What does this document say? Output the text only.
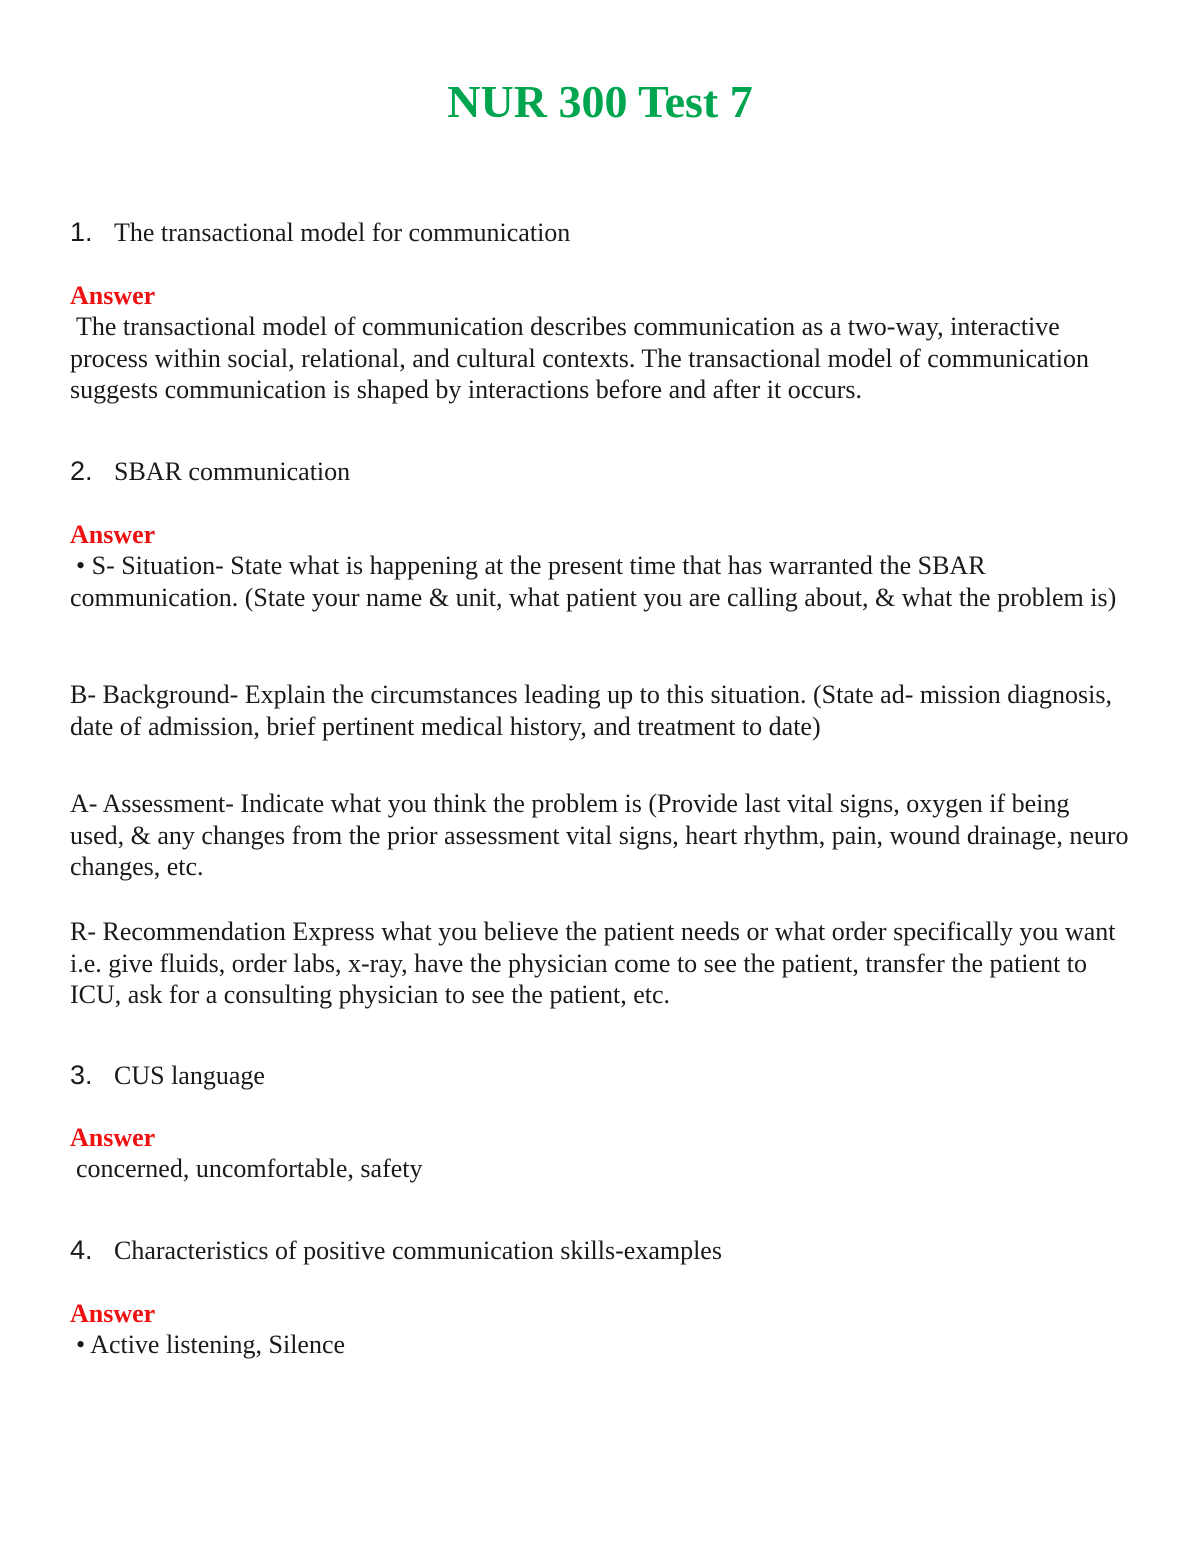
NUR 300 Test 7

1. The transactional model for communication

Answer

The transactional model of communication describes communication as a two-way, interactive process within social, relational, and cultural contexts. The transactional model of communication suggests communication is shaped by interactions before and after it occurs.

2. SBAR communication

Answer

• S- Situation- State what is happening at the present time that has warranted the SBAR communication. (State your name & unit, what patient you are calling about, & what the problem is)

B- Background- Explain the circumstances leading up to this situation. (State ad- mission diagnosis, date of admission, brief pertinent medical history, and treatment to date)

A- Assessment- Indicate what you think the problem is (Provide last vital signs, oxygen if being used, & any changes from the prior assessment vital signs, heart rhythm, pain, wound drainage, neuro changes, etc.

R- Recommendation Express what you believe the patient needs or what order specifically you want i.e. give fluids, order labs, x-ray, have the physician come to see the patient, transfer the patient to ICU, ask for a consulting physician to see the patient, etc.

3. CUS language

Answer

concerned, uncomfortable, safety

4. Characteristics of positive communication skills-examples

Answer

• Active listening, Silence
